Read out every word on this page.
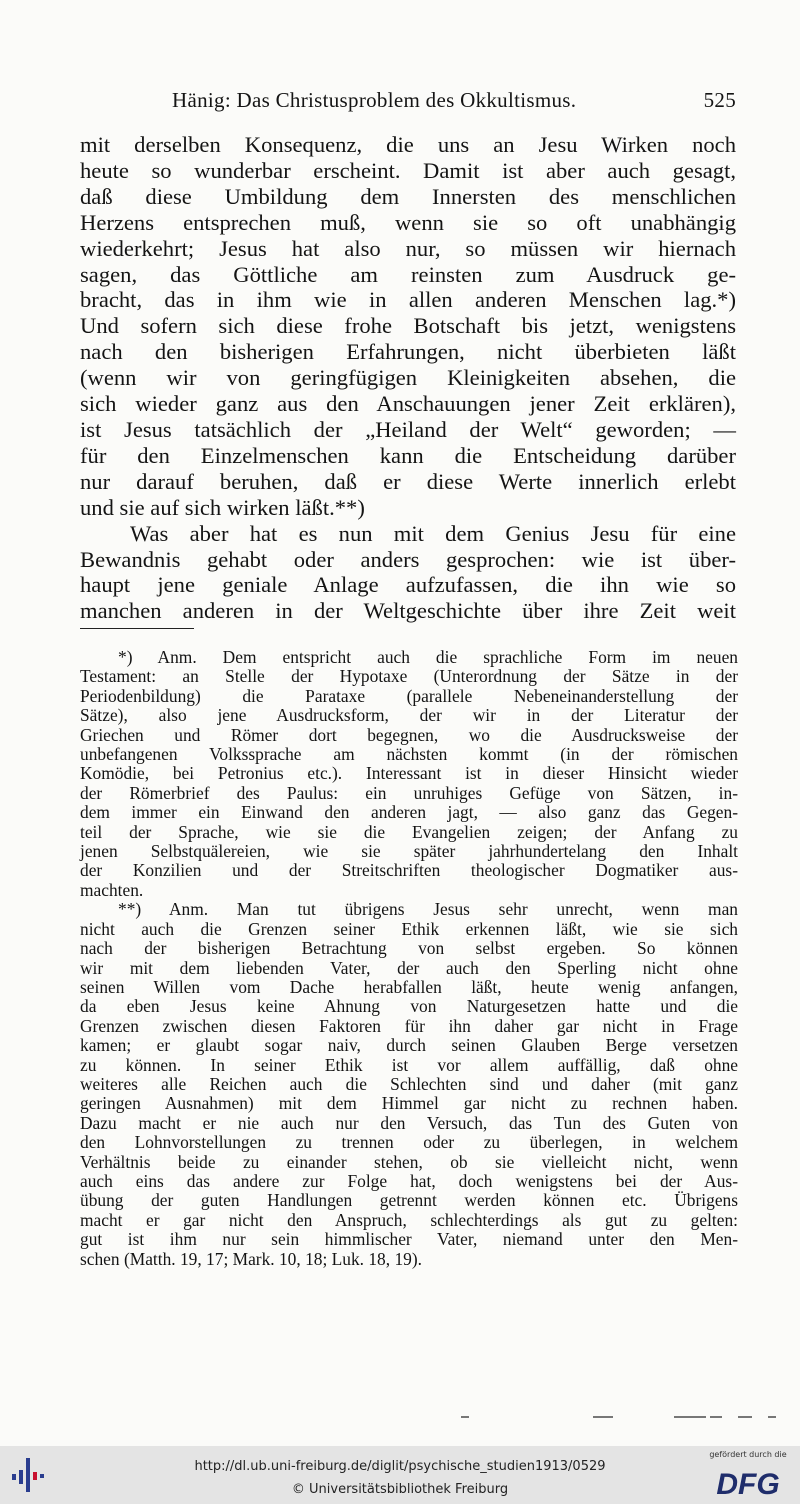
Hänig: Das Christusproblem des Okkultismus.	525
mit derselben Konsequenz, die uns an Jesu Wirken noch
heute so wunderbar erscheint. Damit ist aber auch gesagt,
daß diese Umbildung dem Innersten des menschlichen
Herzens entsprechen muß, wenn sie so oft unabhängig
wiederkehrt; Jesus hat also nur, so müssen wir hiernach
sagen, das Göttliche am reinsten zum Ausdruck ge-
bracht, das in ihm wie in allen anderen Menschen lag.*)
Und sofern sich diese frohe Botschaft bis jetzt, wenigstens
nach den bisherigen Erfahrungen, nicht überbieten läßt
(wenn wir von geringfügigen Kleinigkeiten absehen, die
sich wieder ganz aus den Anschauungen jener Zeit erklären),
ist Jesus tatsächlich der „Heiland der Welt“ geworden; —
für den Einzelmenschen kann die Entscheidung darüber
nur darauf beruhen, daß er diese Werte innerlich erlebt
und sie auf sich wirken läßt.**)
Was aber hat es nun mit dem Genius Jesu für eine
Bewandnis gehabt oder anders gesprochen: wie ist über-
haupt jene geniale Anlage aufzufassen, die ihn wie so
manchen anderen in der Weltgeschichte über ihre Zeit weit
*) Anm. Dem entspricht auch die sprachliche Form im neuen
Testament: an Stelle der Hypotaxe (Unterordnung der Sätze in der
Periodenbildung) die Parataxe (parallele Nebeneinanderstellung der
Sätze), also jene Ausdrucksform, der wir in der Literatur der
Griechen und Römer dort begegnen, wo die Ausdrucksweise der
unbefangenen Volkssprache am nächsten kommt (in der römischen
Komödie, bei Petronius etc.). Interessant ist in dieser Hinsicht wieder
der Römerbrief des Paulus: ein unruhiges Gefüge von Sätzen, in-
dem immer ein Einwand den anderen jagt, — also ganz das Gegen-
teil der Sprache, wie sie die Evangelien zeigen; der Anfang zu
jenen Selbstquälereien, wie sie später jahrhundertelang den Inhalt
der Konzilien und der Streitschriften theologischer Dogmatiker aus-
machten.
**) Anm. Man tut übrigens Jesus sehr unrecht, wenn man
nicht auch die Grenzen seiner Ethik erkennen läßt, wie sie sich
nach der bisherigen Betrachtung von selbst ergeben. So können
wir mit dem liebenden Vater, der auch den Sperling nicht ohne
seinen Willen vom Dache herabfallen läßt, heute wenig anfangen,
da eben Jesus keine Ahnung von Naturgesetzen hatte und die
Grenzen zwischen diesen Faktoren für ihn daher gar nicht in Frage
kamen; er glaubt sogar naiv, durch seinen Glauben Berge versetzen
zu können. In seiner Ethik ist vor allem auffällig, daß ohne
weiteres alle Reichen auch die Schlechten sind und daher (mit ganz
geringen Ausnahmen) mit dem Himmel gar nicht zu rechnen haben.
Dazu macht er nie auch nur den Versuch, das Tun des Guten von
den Lohnvorstellungen zu trennen oder zu überlegen, in welchem
Verhältnis beide zu einander stehen, ob sie vielleicht nicht, wenn
auch eins das andere zur Folge hat, doch wenigstens bei der Aus-
übung der guten Handlungen getrennt werden können etc. Übrigens
macht er gar nicht den Anspruch, schlechterdings als gut zu gelten:
gut ist ihm nur sein himmlischer Vater, niemand unter den Men-
schen (Matth. 19, 17; Mark. 10, 18; Luk. 18, 19).
http://dl.ub.uni-freiburg.de/diglit/psychische_studien1913/0529
© Universitätsbibliothek Freiburg
gefördert durch die
DFG
